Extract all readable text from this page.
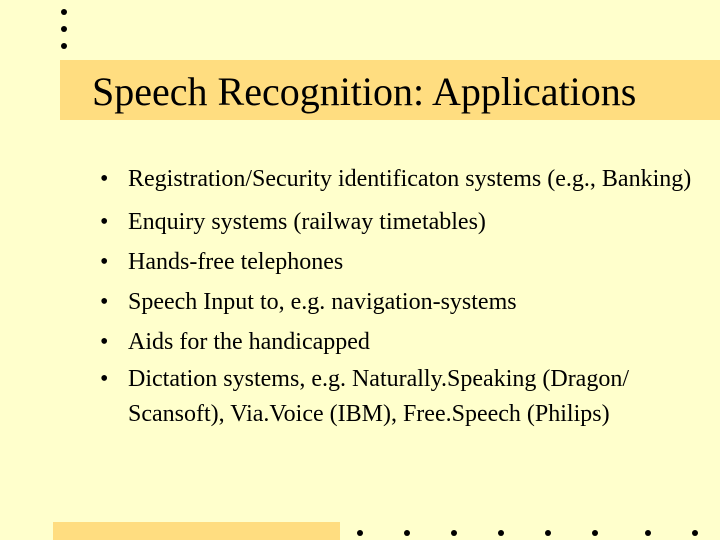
Speech Recognition: Applications
• Registration/Security identificaton systems (e.g., Banking)
• Enquiry systems (railway timetables)
• Hands-free telephones
• Speech Input to, e.g. navigation-systems
• Aids for the handicapped
• Dictation systems, e.g. Naturally.Speaking (Dragon/ Scansoft), Via.Voice (IBM), Free.Speech (Philips)
